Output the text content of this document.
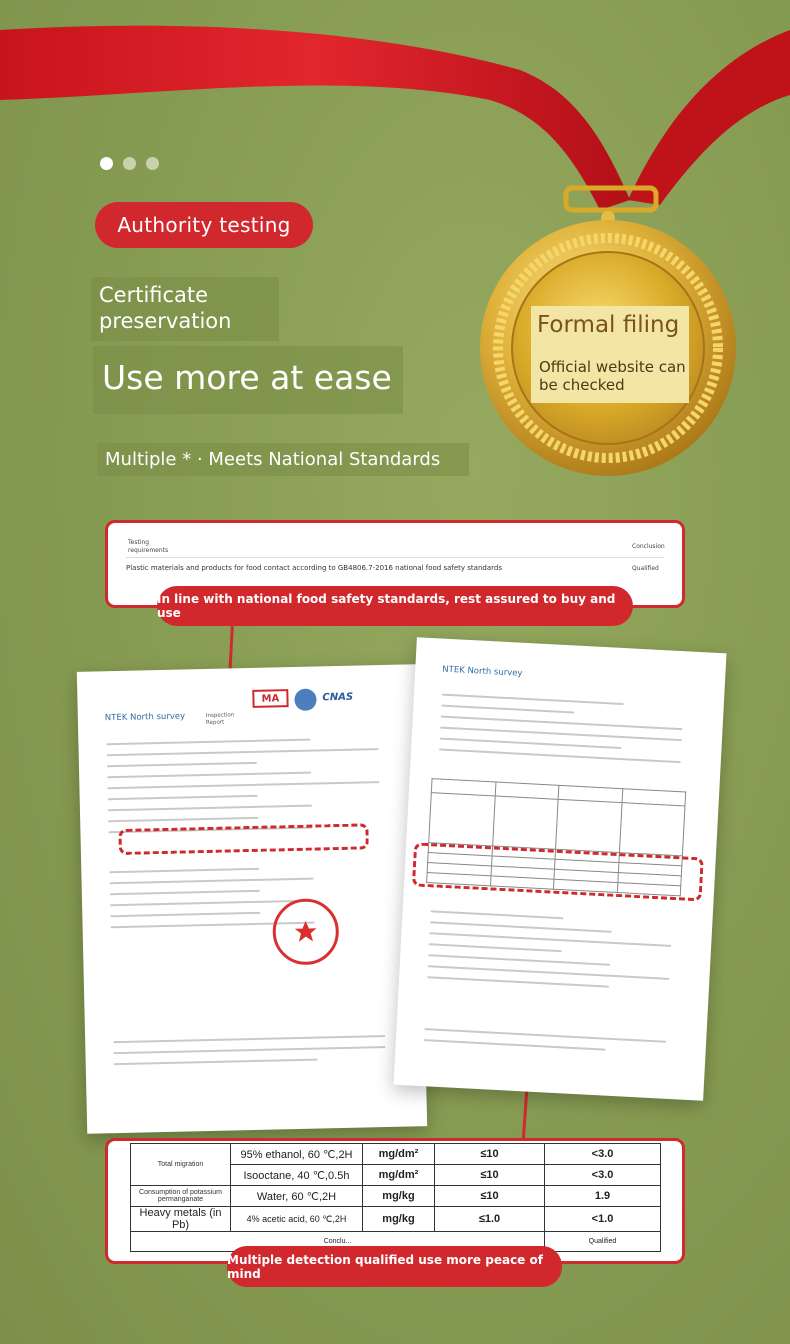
Authority testing
Certificate preservation
Use more at ease
Multiple * · Meets National Standards
Formal filing
Official website can be checked
Testing requirements
Conclusion
Plastic materials and products for food contact according to GB4806.7-2016 national food safety standards	Qualified
In line with national food safety standards, rest assured to buy and use
NTEK North survey	Inspection Report
MA	CNAS
NTEK North survey

Total migration	95% ethanol, 60 ℃,2H	mg/dm²	≤10	<3.0
	Isooctane, 40 ℃,0.5h	mg/dm²	≤10	<3.0
Consumption of potassium permanganate	Water, 60 ℃,2H	mg/kg	≤10	1.9
Heavy metals (in Pb)	4% acetic acid, 60 ℃,2H	mg/kg	≤1.0	<1.0
Conclu...				Qualified
Multiple detection qualified use more peace of mind
